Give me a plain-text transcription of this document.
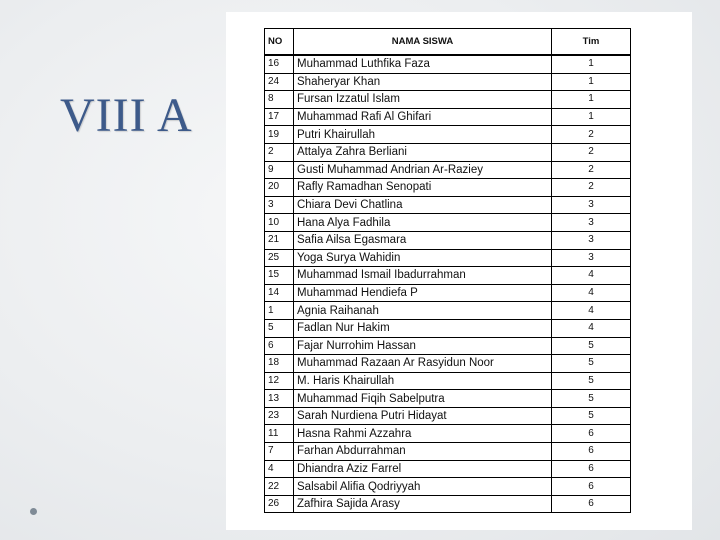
VIII A
NO	NAMA SISWA	Tim
16	Muhammad Luthfika Faza	1
24	Shaheryar Khan	1
8	Fursan Izzatul Islam	1
17	Muhammad Rafi Al Ghifari	1
19	Putri Khairullah	2
2	Attalya Zahra Berliani	2
9	Gusti Muhammad Andrian Ar-Raziey	2
20	Rafly Ramadhan Senopati	2
3	Chiara Devi Chatlina	3
10	Hana Alya Fadhila	3
21	Safia Ailsa Egasmara	3
25	Yoga Surya Wahidin	3
15	Muhammad Ismail Ibadurrahman	4
14	Muhammad Hendiefa P	4
1	Agnia Raihanah	4
5	Fadlan Nur Hakim	4
6	Fajar Nurrohim Hassan	5
18	Muhammad Razaan Ar Rasyidun Noor	5
12	M. Haris Khairullah	5
13	Muhammad Fiqih Sabelputra	5
23	Sarah Nurdiena Putri Hidayat	5
11	Hasna Rahmi Azzahra	6
7	Farhan Abdurrahman	6
4	Dhiandra Aziz Farrel	6
22	Salsabil Alifia Qodriyyah	6
26	Zafhira Sajida Arasy	6
